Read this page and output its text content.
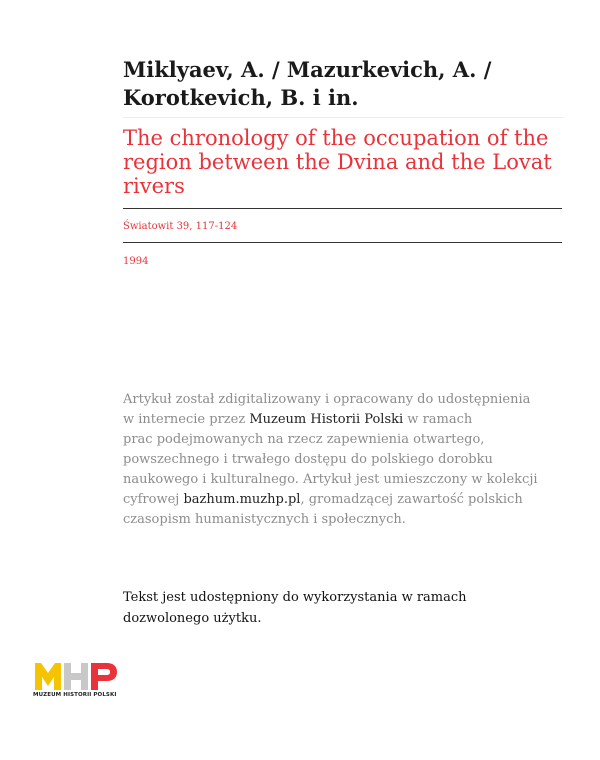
Miklyaev, A. / Mazurkevich, A. /
Korotkevich, B. i in.
The chronology of the occupation of the
region between the Dvina and the Lovat
rivers
Światowit 39, 117-124
1994
Artykuł został zdigitalizowany i opracowany do udostępnienia
w internecie przez Muzeum Historii Polski w ramach
prac podejmowanych na rzecz zapewnienia otwartego,
powszechnego i trwałego dostępu do polskiego dorobku
naukowego i kulturalnego. Artykuł jest umieszczony w kolekcji
cyfrowej bazhum.muzhp.pl, gromadzącej zawartość polskich
czasopism humanistycznych i społecznych.
Tekst jest udostępniony do wykorzystania w ramach
dozwolonego użytku.
MUZEUM HISTORII POLSKI
